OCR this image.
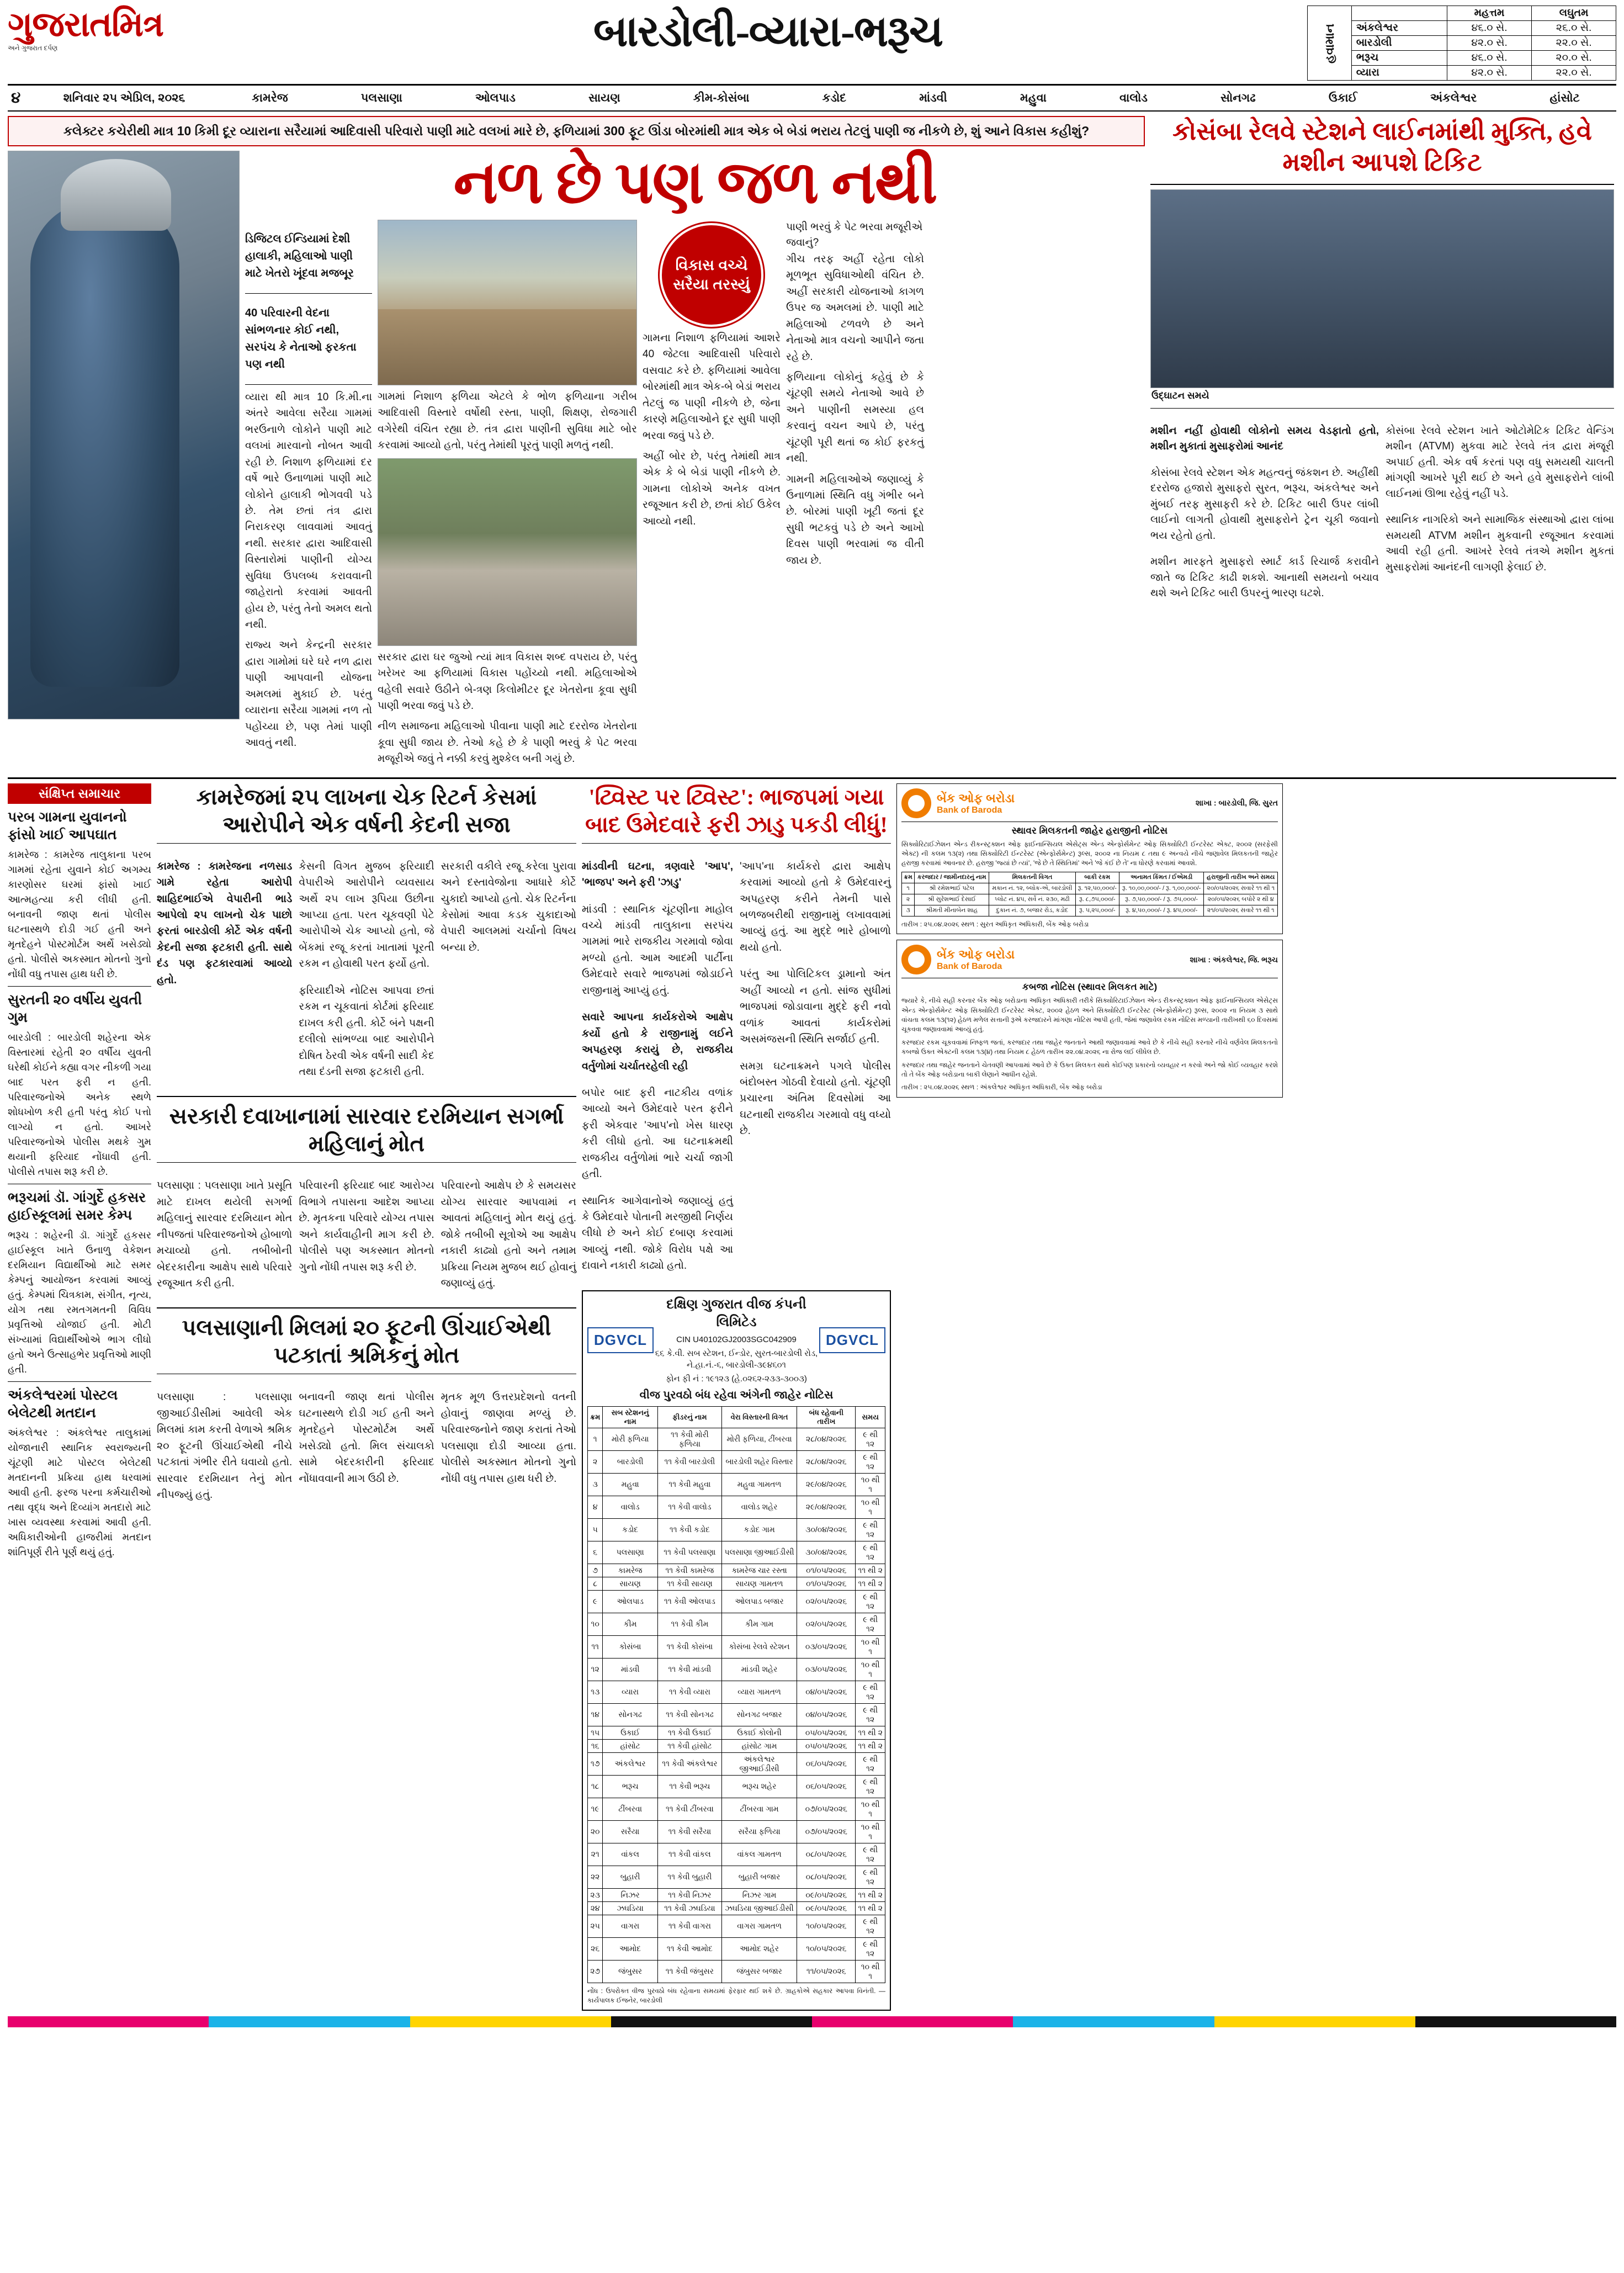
ગુજરાતમિત્ર
અને ગુજરાત દર્પણ	બારડોલી-વ્યારા-ભરૂચ	હવામાન		મહત્તમ	લઘુતમ
	અંકલેશ્વર	૪૬.૦ સે.	૨૬.૦ સે.
	બારડોલી	૪૨.૦ સે.	૨૨.૦ સે.
	ભરૂચ	૪૬.૦ સે.	૨૦.૦ સે.
	વ્યારા	૪૨.૦ સે.	૨૨.૦ સે.
૪	શનિવાર ૨૫ એપ્રિલ, ૨૦૨૬	કામરેજ	પલસાણા	ઓલપાડ	સાયણ	કીમ-કોસંબા	કડોદ	માંડવી	મહુવા	વાલોડ	સોનગઢ	ઉકાઈ	અંકલેશ્વર	હાંસોટ
કલેક્ટર કચેરીથી માત્ર 10 કિમી દૂર વ્યારાના સરૈયામાં આદિવાસી પરિવારો પાણી માટે વલખાં મારે છે, ફળિયામાં 300 ફૂટ ઊંડા બોરમાંથી માત્ર એક બે બેડાં ભરાય તેટલું પાણી જ નીકળે છે, શું આને વિકાસ કહીશું?
નળ છે પણ જળ નથી

ડિજિટલ ઈન્ડિયામાં દેશી હાલાકી, મહિલાઓ પાણી માટે ખેતરો ખૂંદવા મજબૂર

40 પરિવારની વેદના સાંભળનાર કોઈ નથી, સરપંચ કે નેતાઓ ફરકતા પણ નથી

વ્યારા થી માત્ર 10 કિ.મી.ના અંતરે આવેલા સરૈયા ગામમાં ભરઉનાળે લોકોને પાણી માટે વલખાં મારવાનો નોબત આવી રહી છે. નિશાળ ફળિયામાં દર વર્ષે ભારે ઉનાળામાં પાણી માટે લોકોને હાલાકી ભોગવવી પડે છે. તેમ છતાં તંત્ર દ્વારા નિરાકરણ લાવવામાં આવતું નથી. સરકાર દ્વારા આદિવાસી વિસ્તારોમાં પાણીની યોગ્ય સુવિધા ઉપલબ્ધ કરાવવાની જાહેરાતો કરવામાં આવતી હોય છે, પરંતુ તેનો અમલ થતો નથી.

રાજ્ય અને કેન્દ્રની સરકાર દ્વારા ગામોમાં ઘરે ઘરે નળ દ્વારા પાણી આપવાની યોજના અમલમાં મુકાઈ છે. પરંતુ વ્યારાના સરૈયા ગામમાં નળ તો પહોંચ્યા છે, પણ તેમાં પાણી આવતું નથી.

ગામમાં નિશાળ ફળિયા એટલે કે ભોળ ફળિયાના ગરીબ આદિવાસી વિસ્તારે વર્ષોથી રસ્તા, પાણી, શિક્ષણ, રોજગારી વગેરેથી વંચિત રહ્યા છે. તંત્ર દ્વારા પાણીની સુવિધા માટે બોર કરવામાં આવ્યો હતો, પરંતુ તેમાંથી પૂરતું પાણી મળતું નથી.

સરકાર દ્વારા ઘર જુઓ ત્યાં માત્ર વિકાસ શબ્દ વપરાય છે, પરંતુ ખરેખર આ ફળિયામાં વિકાસ પહોંચ્યો નથી. મહિલાઓએ વહેલી સવારે ઉઠીને બે-ત્રણ કિલોમીટર દૂર ખેતરોના કૂવા સુધી પાણી ભરવા જવું પડે છે.

નીળ સમાજના મહિલાઓ પીવાના પાણી માટે દરરોજ ખેતરોના કૂવા સુધી જાય છે. તેઓ કહે છે કે પાણી ભરવું કે પેટ ભરવા મજૂરીએ જવું તે નક્કી કરવું મુશ્કેલ બની ગયું છે.

વિકાસ વચ્ચે સરૈયા તરસ્યું

ગામના નિશાળ ફળિયામાં આશરે 40 જેટલા આદિવાસી પરિવારો વસવાટ કરે છે. ફળિયામાં આવેલા બોરમાંથી માત્ર એક-બે બેડાં ભરાય તેટલું જ પાણી નીકળે છે, જેના કારણે મહિલાઓને દૂર સુધી પાણી ભરવા જવું પડે છે.

અહીં બોર છે, પરંતુ તેમાંથી માત્ર એક કે બે બેડાં પાણી નીકળે છે. ગામના લોકોએ અનેક વખત રજૂઆત કરી છે, છતાં કોઈ ઉકેલ આવ્યો નથી.

પાણી ભરવું કે પેટ ભરવા મજૂરીએ જવાનું?

ગીચ તરફ અહીં રહેતા લોકો મૂળભૂત સુવિધાઓથી વંચિત છે. અહીં સરકારી યોજનાઓ કાગળ ઉપર જ અમલમાં છે. પાણી માટે મહિલાઓ ટળવળે છે અને નેતાઓ માત્ર વચનો આપીને જતા રહે છે.

ફળિયાના લોકોનું કહેવું છે કે ચૂંટણી સમયે નેતાઓ આવે છે અને પાણીની સમસ્યા હલ કરવાનું વચન આપે છે, પરંતુ ચૂંટણી પૂરી થતાં જ કોઈ ફરકતું નથી.

ગામની મહિલાઓએ જણાવ્યું કે ઉનાળામાં સ્થિતિ વધુ ગંભીર બને છે. બોરમાં પાણી ખૂટી જતાં દૂર સુધી ભટકવું પડે છે અને આખો દિવસ પાણી ભરવામાં જ વીતી જાય છે.

કોસંબા રેલવે સ્ટેશને લાઈનમાંથી મુક્તિ, હવે મશીન આપશે ટિકિટ
ઉદ્ઘાટન સમયે

મશીન નહીં હોવાથી લોકોનો સમય વેડફાતો હતો, મશીન મુકાતાં મુસાફરોમાં આનંદ

કોસંબા રેલવે સ્ટેશન એક મહત્વનું જંકશન છે. અહીંથી દરરોજ હજારો મુસાફરો સુરત, ભરૂચ, અંકલેશ્વર અને મુંબઈ તરફ મુસાફરી કરે છે. ટિકિટ બારી ઉપર લાંબી લાઈનો લાગતી હોવાથી મુસાફરોને ટ્રેન ચૂકી જવાનો ભય રહેતો હતો.

મશીન મારફતે મુસાફરો સ્માર્ટ કાર્ડ રિચાર્જ કરાવીને જાતે જ ટિકિટ કાઢી શકશે. આનાથી સમયનો બચાવ થશે અને ટિકિટ બારી ઉપરનું ભારણ ઘટશે.

કોસંબા રેલવે સ્ટેશન ખાતે ઓટોમેટિક ટિકિટ વેન્ડિંગ મશીન (ATVM) મુકવા માટે રેલવે તંત્ર દ્વારા મંજૂરી અપાઈ હતી. એક વર્ષ કરતાં પણ વધુ સમયથી ચાલતી માંગણી આખરે પૂરી થઈ છે અને હવે મુસાફરોને લાંબી લાઈનમાં ઊભા રહેવું નહીં પડે.

સ્થાનિક નાગરિકો અને સામાજિક સંસ્થાઓ દ્વારા લાંબા સમયથી ATVM મશીન મુકવાની રજૂઆત કરવામાં આવી રહી હતી. આખરે રેલવે તંત્રએ મશીન મુકતાં મુસાફરોમાં આનંદની લાગણી ફેલાઈ છે.

સંક્ષિપ્ત સમાચાર
પરબ ગામના યુવાનનો ફાંસો ખાઈ આપઘાત

કામરેજ : કામરેજ તાલુકાના પરબ ગામમાં રહેતા યુવાને કોઈ અગમ્ય કારણોસર ઘરમાં ફાંસો ખાઈ આત્મહત્યા કરી લીધી હતી. બનાવની જાણ થતાં પોલીસ ઘટનાસ્થળે દોડી ગઈ હતી અને મૃતદેહને પોસ્ટમોર્ટમ અર્થે ખસેડ્યો હતો. પોલીસે અકસ્માત મોતનો ગુનો નોંધી વધુ તપાસ હાથ ધરી છે.

સુરતની ૨૦ વર્ષીય યુવતી ગુમ

બારડોલી : બારડોલી શહેરના એક વિસ્તારમાં રહેતી ૨૦ વર્ષીય યુવતી ઘરેથી કોઈને કહ્યા વગર નીકળી ગયા બાદ પરત ફરી ન હતી. પરિવારજનોએ અનેક સ્થળે શોધખોળ કરી હતી પરંતુ કોઈ પત્તો લાગ્યો ન હતો. આખરે પરિવારજનોએ પોલીસ મથકે ગુમ થયાની ફરિયાદ નોંધાવી હતી. પોલીસે તપાસ શરૂ કરી છે.

ભરૂચમાં ડૉ. ગાંગુર્દે હકસર હાઈસ્કૂલમાં સમર કેમ્પ

ભરૂચ : શહેરની ડૉ. ગાંગુર્દે હકસર હાઈસ્કૂલ ખાતે ઉનાળુ વેકેશન દરમિયાન વિદ્યાર્થીઓ માટે સમર કેમ્પનું આયોજન કરવામાં આવ્યું હતું. કેમ્પમાં ચિત્રકામ, સંગીત, નૃત્ય, યોગ તથા રમતગમતની વિવિધ પ્રવૃત્તિઓ યોજાઈ હતી. મોટી સંખ્યામાં વિદ્યાર્થીઓએ ભાગ લીધો હતો અને ઉત્સાહભેર પ્રવૃત્તિઓ માણી હતી.

અંકલેશ્વરમાં પોસ્ટલ બેલેટથી મતદાન

અંકલેશ્વર : અંકલેશ્વર તાલુકામાં યોજાનારી સ્થાનિક સ્વરાજ્યની ચૂંટણી માટે પોસ્ટલ બેલેટથી મતદાનની પ્રક્રિયા હાથ ધરવામાં આવી હતી. ફરજ પરના કર્મચારીઓ તથા વૃદ્ધ અને દિવ્યાંગ મતદારો માટે ખાસ વ્યવસ્થા કરવામાં આવી હતી. અધિકારીઓની હાજરીમાં મતદાન શાંતિપૂર્ણ રીતે પૂર્ણ થયું હતું.

કામરેજમાં ૨૫ લાખના ચેક રિટર્ન કેસમાં આરોપીને એક વર્ષની કેદની સજા

કામરેજ : કામરેજના નળસાડ ગામે રહેતા આરોપી શાહિદભાઈએ વેપારીની ભાડે આપેલો ૨૫ લાખનો ચેક પાછો ફરતાં બારડોલી કોર્ટે એક વર્ષની કેદની સજા ફટકારી હતી. સાથે દંડ પણ ફટકારવામાં આવ્યો હતો.

કેસની વિગત મુજબ ફરિયાદી વેપારીએ આરોપીને વ્યવસાય અર્થે ૨૫ લાખ રૂપિયા ઉછીના આપ્યા હતા. પરત ચૂકવણી પેટે આરોપીએ ચેક આપ્યો હતો, જે બેંકમાં રજૂ કરતાં ખાતામાં પૂરતી રકમ ન હોવાથી પરત ફર્યો હતો.

ફરિયાદીએ નોટિસ આપવા છતાં રકમ ન ચૂકવાતાં કોર્ટમાં ફરિયાદ દાખલ કરી હતી. કોર્ટે બંને પક્ષની દલીલો સાંભળ્યા બાદ આરોપીને દોષિત ઠેરવી એક વર્ષની સાદી કેદ તથા દંડની સજા ફટકારી હતી.

સરકારી વકીલે રજૂ કરેલા પુરાવા અને દસ્તાવેજોના આધારે કોર્ટે ચુકાદો આપ્યો હતો. ચેક રિટર્નના કેસોમાં આવા કડક ચુકાદાઓ વેપારી આલમમાં ચર્ચાનો વિષય બન્યા છે.

સરકારી દવાખાનામાં સારવાર દરમિયાન સગર્ભા મહિલાનું મોત

પલસાણા : પલસાણા ખાતે પ્રસૂતિ માટે દાખલ થયેલી સગર્ભા મહિલાનું સારવાર દરમિયાન મોત નીપજતાં પરિવારજનોએ હોબાળો મચાવ્યો હતો. તબીબોની બેદરકારીના આક્ષેપ સાથે પરિવારે રજૂઆત કરી હતી.

પરિવારની ફરિયાદ બાદ આરોગ્ય વિભાગે તપાસના આદેશ આપ્યા છે. મૃતકના પરિવારે યોગ્ય તપાસ અને કાર્યવાહીની માગ કરી છે. પોલીસે પણ અકસ્માત મોતનો ગુનો નોંધી તપાસ શરૂ કરી છે.

પરિવારનો આક્ષેપ છે કે સમયસર યોગ્ય સારવાર આપવામાં ન આવતાં મહિલાનું મોત થયું હતું. જોકે તબીબી સૂત્રોએ આ આક્ષેપ નકારી કાઢ્યો હતો અને તમામ પ્રક્રિયા નિયમ મુજબ થઈ હોવાનું જણાવ્યું હતું.

પલસાણાની મિલમાં ૨૦ ફૂટની ઊંચાઈએથી પટકાતાં શ્રમિકનું મોત

પલસાણા : પલસાણા જીઆઈડીસીમાં આવેલી એક મિલમાં કામ કરતી વેળાએ શ્રમિક ૨૦ ફૂટની ઊંચાઈએથી નીચે પટકાતાં ગંભીર રીતે ઘવાયો હતો. સારવાર દરમિયાન તેનું મોત નીપજ્યું હતું.

બનાવની જાણ થતાં પોલીસ ઘટનાસ્થળે દોડી ગઈ હતી અને મૃતદેહને પોસ્ટમોર્ટમ અર્થે ખસેડ્યો હતો. મિલ સંચાલકો સામે બેદરકારીની ફરિયાદ નોંધાવવાની માગ ઉઠી છે.

મૃતક મૂળ ઉત્તરપ્રદેશનો વતની હોવાનું જાણવા મળ્યું છે. પરિવારજનોને જાણ કરાતાં તેઓ પલસાણા દોડી આવ્યા હતા. પોલીસે અકસ્માત મોતનો ગુનો નોંધી વધુ તપાસ હાથ ધરી છે.

'ટ્વિસ્ટ પર ટ્વિસ્ટ': ભાજપમાં ગયા બાદ ઉમેદવારે ફરી ઝાડુ પકડી લીધું!

માંડવીની ઘટના, ત્રણવારે 'આપ', 'ભાજપ' અને ફરી 'ઝાડુ'

માંડવી : સ્થાનિક ચૂંટણીના માહોલ વચ્ચે માંડવી તાલુકાના સરપંચ ગામમાં ભારે રાજકીય ગરમાવો જોવા મળ્યો હતો. આમ આદમી પાર્ટીના ઉમેદવારે સવારે ભાજપમાં જોડાઈને રાજીનામું આપ્યું હતું.

સવારે આપના કાર્યકરોએ આક્ષેપ કર્યો હતો કે રાજીનામું લઈને અપહરણ કરાયું છે, રાજકીય વર્તુળોમાં ચર્ચાતરહેલી રહી

બપોર બાદ ફરી નાટકીય વળાંક આવ્યો અને ઉમેદવારે પરત ફરીને ફરી એકવાર 'આપ'નો ખેસ ધારણ કરી લીધો હતો. આ ઘટનાક્રમથી રાજકીય વર્તુળોમાં ભારે ચર્ચા જાગી હતી.

સ્થાનિક આગેવાનોએ જણાવ્યું હતું કે ઉમેદવારે પોતાની મરજીથી નિર્ણય લીધો છે અને કોઈ દબાણ કરવામાં આવ્યું નથી. જોકે વિરોધ પક્ષે આ દાવાને નકારી કાઢ્યો હતો.

'આપ'ના કાર્યકરો દ્વારા આક્ષેપ કરવામાં આવ્યો હતો કે ઉમેદવારનું અપહરણ કરીને તેમની પાસે બળજબરીથી રાજીનામું લખાવવામાં આવ્યું હતું. આ મુદ્દે ભારે હોબાળો થયો હતો.

પરંતુ આ પોલિટિકલ ડ્રામાનો અંત અહીં આવ્યો ન હતો. સાંજ સુધીમાં ભાજપમાં જોડાવાના મુદ્દે ફરી નવો વળાંક આવતાં કાર્યકરોમાં અસમંજસની સ્થિતિ સર્જાઈ હતી.

સમગ્ર ઘટનાક્રમને પગલે પોલીસ બંદોબસ્ત ગોઠવી દેવાયો હતો. ચૂંટણી પ્રચારના અંતિમ દિવસોમાં આ ઘટનાથી રાજકીય ગરમાવો વધુ વધ્યો છે.

DGVCL
દક્ષિણ ગુજરાત વીજ કંપની લિમિટેડ
CIN U40102GJ2003SGC042909
૬૬ કે.વી. સબ સ્ટેશન, ઈન્ડોર, સુરત-બારડોલી રોડ, ને.હા.નં.-૬, બારડોલી-૩૯૪૬૦૧
ફોન ફી નં : ૧૯૧૨૩ (હે.૦૨૬૨-૨૩૩-૩૦૦૩)
DGVCL
વીજ પુરવઠો બંધ રહેવા અંગેની જાહેર નોટિસ
ક્રમ	સબ સ્ટેશનનું નામ	ફીડરનું નામ	વેરા વિસ્તારની વિગત	બંધ રહેવાની તારીખ	સમય
૧	મોરી ફળિયા	૧૧ કેવી મોરી ફળિયા	મોરી ફળિયા, ટીંબરવા	૨૮/૦૪/૨૦૨૬	૯ થી ૧૨
૨	બારડોલી	૧૧ કેવી બારડોલી	બારડોલી શહેર વિસ્તાર	૨૮/૦૪/૨૦૨૬	૯ થી ૧૨
૩	મહુવા	૧૧ કેવી મહુવા	મહુવા ગામતળ	૨૯/૦૪/૨૦૨૬	૧૦ થી ૧
૪	વાલોડ	૧૧ કેવી વાલોડ	વાલોડ શહેર	૨૯/૦૪/૨૦૨૬	૧૦ થી ૧
૫	કડોદ	૧૧ કેવી કડોદ	કડોદ ગામ	૩૦/૦૪/૨૦૨૬	૯ થી ૧૨
૬	પલસાણા	૧૧ કેવી પલસાણા	પલસાણા જીઆઈડીસી	૩૦/૦૪/૨૦૨૬	૯ થી ૧૨
૭	કામરેજ	૧૧ કેવી કામરેજ	કામરેજ ચાર રસ્તા	૦૧/૦૫/૨૦૨૬	૧૧ થી ૨
૮	સાયણ	૧૧ કેવી સાયણ	સાયણ ગામતળ	૦૧/૦૫/૨૦૨૬	૧૧ થી ૨
૯	ઓલપાડ	૧૧ કેવી ઓલપાડ	ઓલપાડ બજાર	૦૨/૦૫/૨૦૨૬	૯ થી ૧૨
૧૦	કીમ	૧૧ કેવી કીમ	કીમ ગામ	૦૨/૦૫/૨૦૨૬	૯ થી ૧૨
૧૧	કોસંબા	૧૧ કેવી કોસંબા	કોસંબા રેલવે સ્ટેશન	૦૩/૦૫/૨૦૨૬	૧૦ થી ૧
૧૨	માંડવી	૧૧ કેવી માંડવી	માંડવી શહેર	૦૩/૦૫/૨૦૨૬	૧૦ થી ૧
૧૩	વ્યારા	૧૧ કેવી વ્યારા	વ્યારા ગામતળ	૦૪/૦૫/૨૦૨૬	૯ થી ૧૨
૧૪	સોનગઢ	૧૧ કેવી સોનગઢ	સોનગઢ બજાર	૦૪/૦૫/૨૦૨૬	૯ થી ૧૨
૧૫	ઉકાઈ	૧૧ કેવી ઉકાઈ	ઉકાઈ કોલોની	૦૫/૦૫/૨૦૨૬	૧૧ થી ૨
૧૬	હાંસોટ	૧૧ કેવી હાંસોટ	હાંસોટ ગામ	૦૫/૦૫/૨૦૨૬	૧૧ થી ૨
૧૭	અંકલેશ્વર	૧૧ કેવી અંકલેશ્વર	અંકલેશ્વર જીઆઈડીસી	૦૬/૦૫/૨૦૨૬	૯ થી ૧૨
૧૮	ભરૂચ	૧૧ કેવી ભરૂચ	ભરૂચ શહેર	૦૬/૦૫/૨૦૨૬	૯ થી ૧૨
૧૯	ટીંબરવા	૧૧ કેવી ટીંબરવા	ટીંબરવા ગામ	૦૭/૦૫/૨૦૨૬	૧૦ થી ૧
૨૦	સરૈયા	૧૧ કેવી સરૈયા	સરૈયા ફળિયા	૦૭/૦૫/૨૦૨૬	૧૦ થી ૧
૨૧	વાંકલ	૧૧ કેવી વાંકલ	વાંકલ ગામતળ	૦૮/૦૫/૨૦૨૬	૯ થી ૧૨
૨૨	બુહારી	૧૧ કેવી બુહારી	બુહારી બજાર	૦૮/૦૫/૨૦૨૬	૯ થી ૧૨
૨૩	નિઝર	૧૧ કેવી નિઝર	નિઝર ગામ	૦૯/૦૫/૨૦૨૬	૧૧ થી ૨
૨૪	ઝઘડિયા	૧૧ કેવી ઝઘડિયા	ઝઘડિયા જીઆઈડીસી	૦૯/૦૫/૨૦૨૬	૧૧ થી ૨
૨૫	વાગરા	૧૧ કેવી વાગરા	વાગરા ગામતળ	૧૦/૦૫/૨૦૨૬	૯ થી ૧૨
૨૬	આમોદ	૧૧ કેવી આમોદ	આમોદ શહેર	૧૦/૦૫/૨૦૨૬	૯ થી ૧૨
૨૭	જંબુસર	૧૧ કેવી જંબુસર	જંબુસર બજાર	૧૧/૦૫/૨૦૨૬	૧૦ થી ૧
નોંધ : ઉપરોક્ત વીજ પુરવઠો બંધ રહેવાના સમયમાં ફેરફાર થઈ શકે છે. ગ્રાહકોએ સહકાર આપવા વિનંતી. — કાર્યપાલક ઈજનેર, બારડોલી
બેંક ઓફ બરોડા
Bank of Baroda
શાખા : બારડોલી, જિ. સુરત
સ્થાવર મિલકતની જાહેર હરાજીની નોટિસ
સિક્યોરિટાઈઝેશન એન્ડ રીકન્સ્ટ્રક્શન ઓફ ફાઈનાન્સિયલ એસેટ્સ એન્ડ એન્ફોર્સમેન્ટ ઓફ સિક્યોરિટી ઈન્ટરેસ્ટ એક્ટ, ૨૦૦૨ (સરફેસી એક્ટ) ની કલમ ૧૩(૨) તથા સિક્યોરિટી ઈન્ટરેસ્ટ (એન્ફોર્સમેન્ટ) રૂલ્સ, ૨૦૦૨ ના નિયમ ૮ તથા ૯ અન્વયે નીચે જણાવેલ મિલકતની જાહેર હરાજી કરવામાં આવનાર છે. હરાજી 'જ્યાં છે ત્યાં', 'જે છે તે સ્થિતિમાં' અને 'જે કંઈ છે તે' ના ધોરણે કરવામાં આવશે.
ક્રમ	કરજદાર / જામીનદારનું નામ	મિલકતની વિગત	બાકી રકમ	અનામત કિંમત / ઈએમડી	હરાજીની તારીખ અને સમય
૧	શ્રી રમેશભાઈ પટેલ	મકાન નં. ૧૨, બ્લોક-એ, બારડોલી	રૂ. ૧૨,૫૦,૦૦૦/-	રૂ. ૧૦,૦૦,૦૦૦/- / રૂ. ૧,૦૦,૦૦૦/-	૨૦/૦૫/૨૦૨૬ સવારે ૧૧ થી ૧
૨	શ્રી સુરેશભાઈ દેસાઈ	પ્લોટ નં. ૪૫, સર્વે નં. ૨૩૦, મઢી	રૂ. ૮,૭૫,૦૦૦/-	રૂ. ૭,૫૦,૦૦૦/- / રૂ. ૭૫,૦૦૦/-	૨૦/૦૫/૨૦૨૬ બપોરે ૨ થી ૪
૩	શ્રીમતી મીનાબેન શાહ	દુકાન નં. ૭, બજાર રોડ, કડોદ	રૂ. ૫,૨૫,૦૦૦/-	રૂ. ૪,૫૦,૦૦૦/- / રૂ. ૪૫,૦૦૦/-	૨૧/૦૫/૨૦૨૬ સવારે ૧૧ થી ૧
તારીખ : ૨૫.૦૪.૨૦૨૬ સ્થળ : સુરત અધિકૃત અધિકારી, બેંક ઓફ બરોડા
બેંક ઓફ બરોડા
Bank of Baroda
શાખા : અંકલેશ્વર, જિ. ભરૂચ
કબજા નોટિસ (સ્થાવર મિલકત માટે)
જ્યારે કે, નીચે સહી કરનાર બેંક ઓફ બરોડાના અધિકૃત અધિકારી તરીકે સિક્યોરિટાઈઝેશન એન્ડ રીકન્સ્ટ્રક્શન ઓફ ફાઈનાન્સિયલ એસેટ્સ એન્ડ એન્ફોર્સમેન્ટ ઓફ સિક્યોરિટી ઈન્ટરેસ્ટ એક્ટ, ૨૦૦૨ હેઠળ અને સિક્યોરિટી ઈન્ટરેસ્ટ (એન્ફોર્સમેન્ટ) રૂલ્સ, ૨૦૦૨ ના નિયમ ૩ સાથે વાંચતા કલમ ૧૩(૧૨) હેઠળ મળેલ સત્તાની રૂએ કરજદારને માંગણા નોટિસ આપી હતી, જેમાં જણાવેલ રકમ નોટિસ મળ્યાની તારીખથી ૬૦ દિવસમાં ચૂકવવા જણાવવામાં આવ્યું હતું.
કરજદાર રકમ ચૂકવવામાં નિષ્ફળ જતાં, કરજદાર તથા જાહેર જનતાને આથી જણાવવામાં આવે છે કે નીચે સહી કરનારે નીચે વર્ણવેલ મિલકતનો કબજો ઉક્ત એક્ટની કલમ ૧૩(૪) તથા નિયમ ૮ હેઠળ તારીખ ૨૨.૦૪.૨૦૨૬ ના રોજ લઈ લીધેલ છે.
કરજદાર તથા જાહેર જનતાને ચેતવણી આપવામાં આવે છે કે ઉક્ત મિલકત સાથે કોઈપણ પ્રકારનો વ્યવહાર ન કરવો અને જો કોઈ વ્યવહાર કરશે તો તે બેંક ઓફ બરોડાના બાકી લેણાને આધીન રહેશે.
તારીખ : ૨૫.૦૪.૨૦૨૬ સ્થળ : અંકલેશ્વર અધિકૃત અધિકારી, બેંક ઓફ બરોડા
